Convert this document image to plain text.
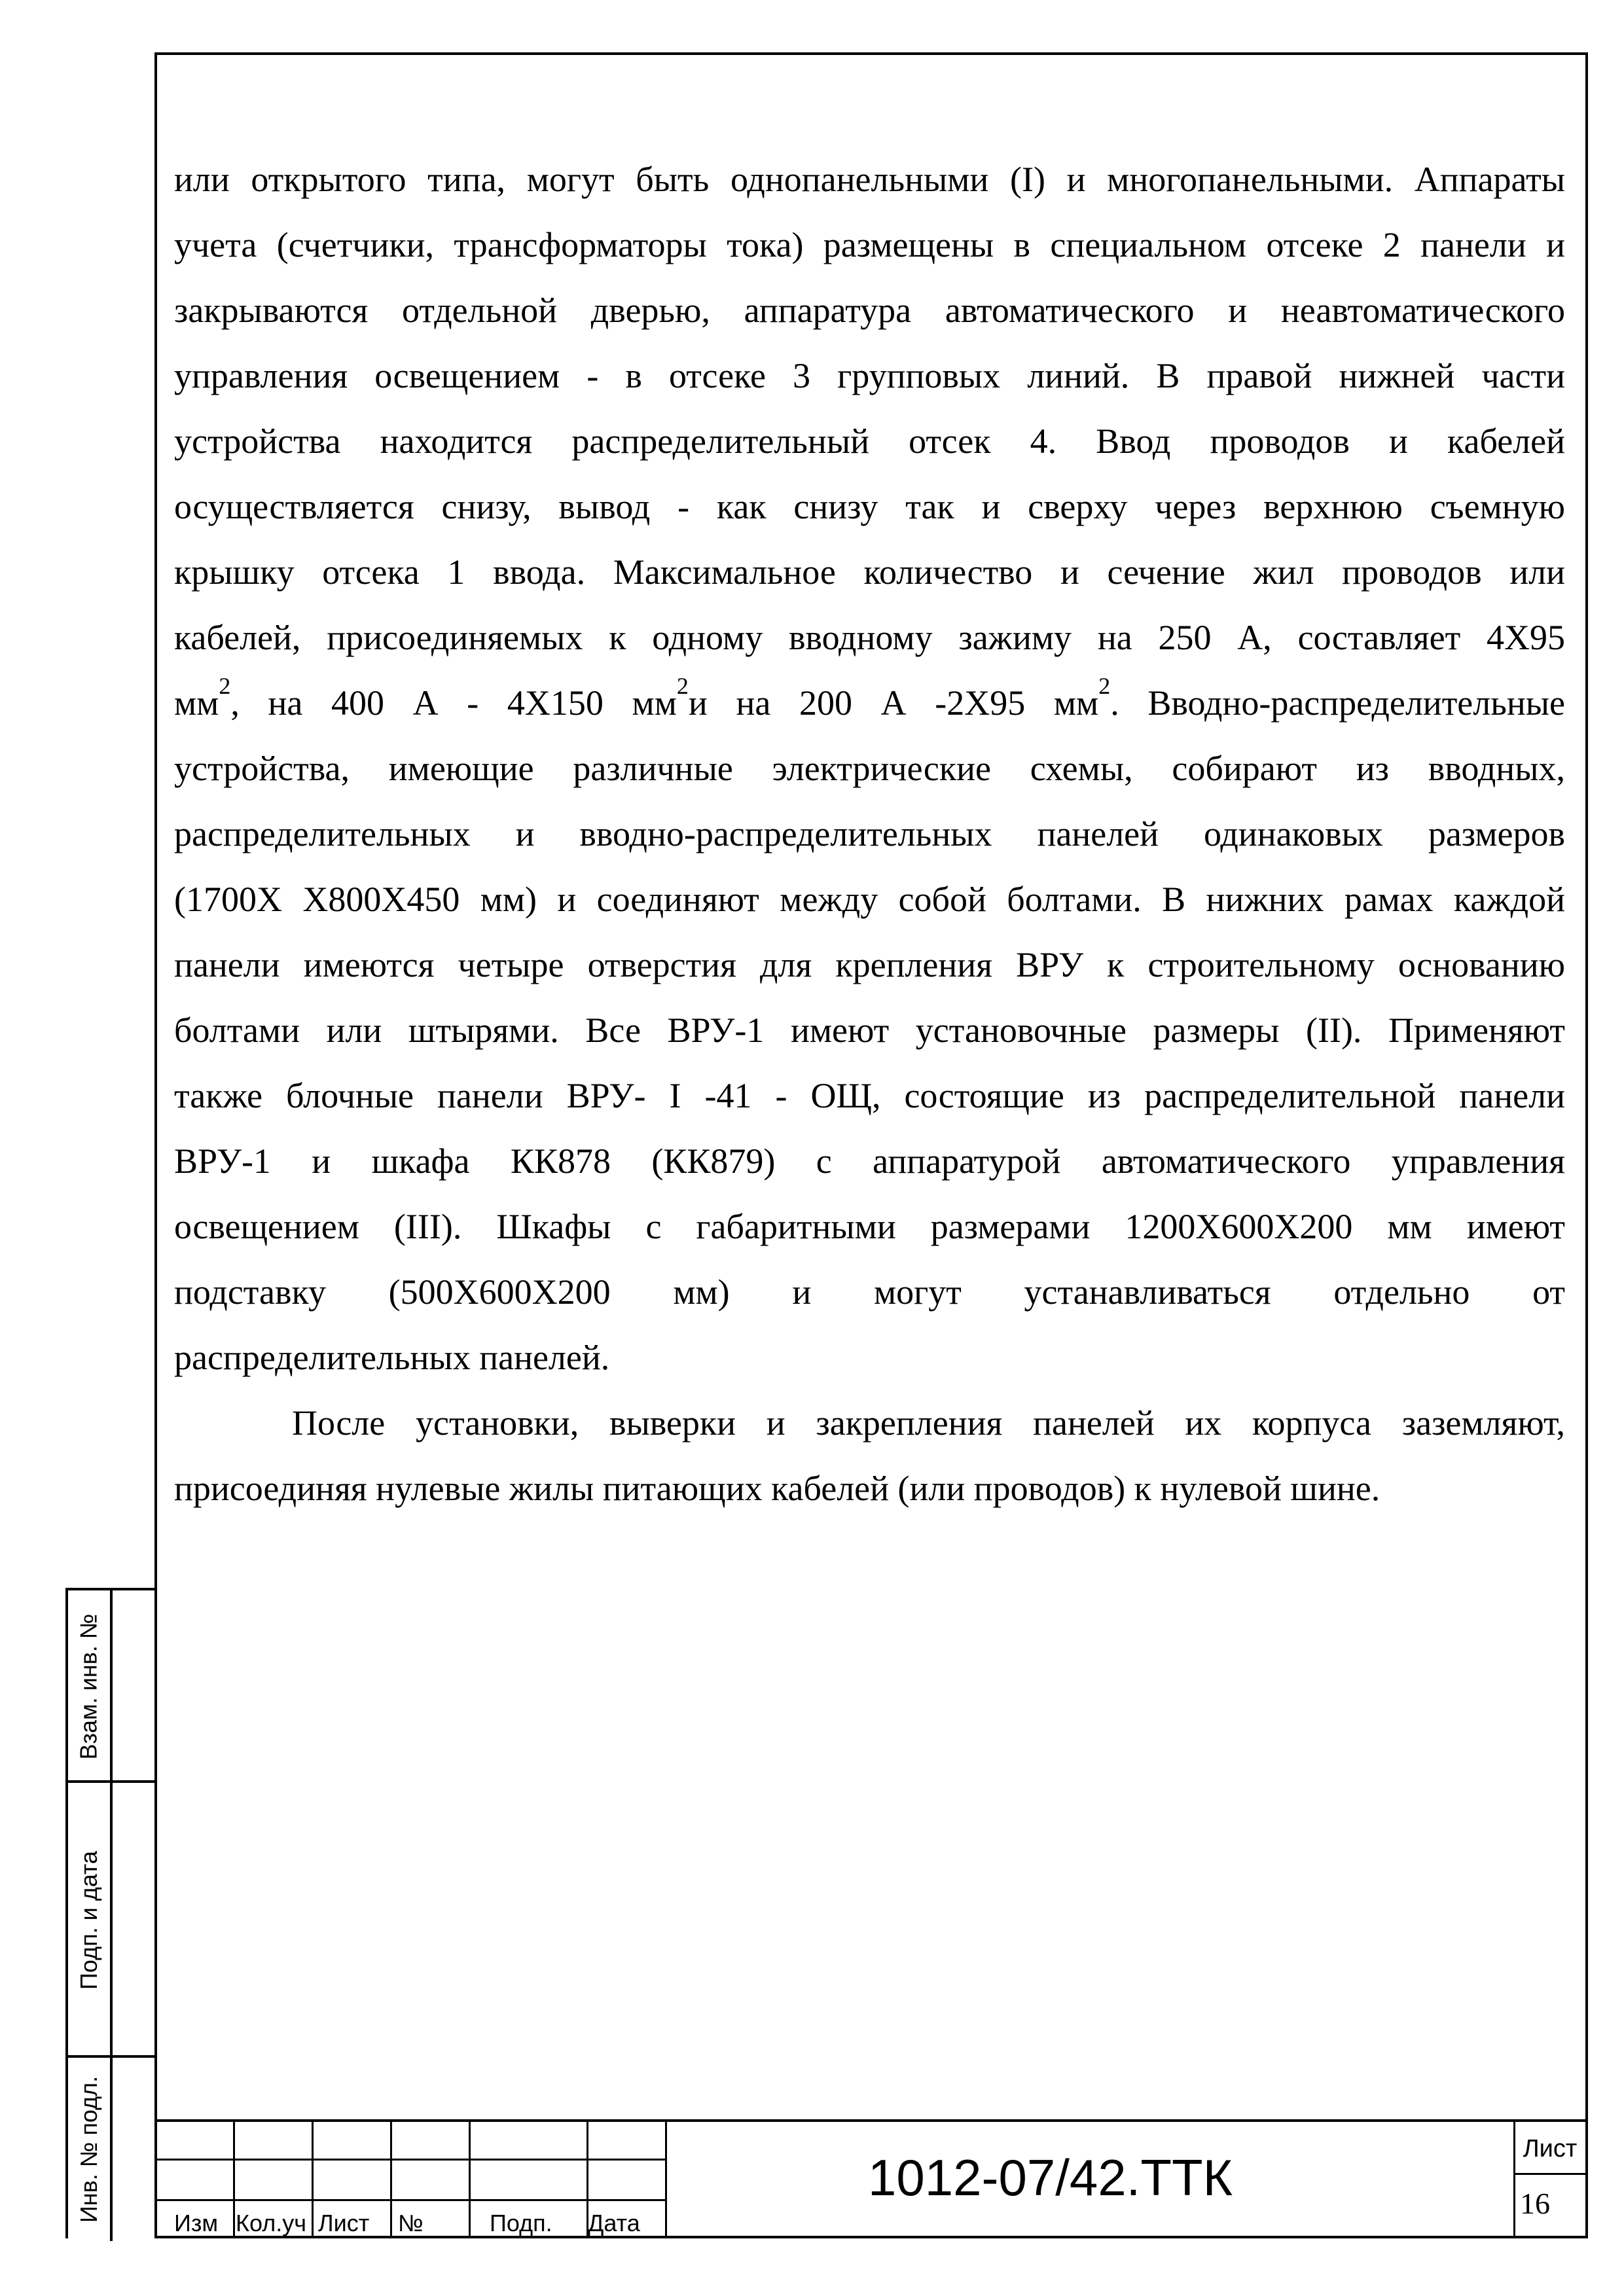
или открытого типа, могут быть однопанельными (I) и многопанельными. Аппараты
учета (счетчики, трансформаторы тока) размещены в специальном отсеке 2 панели и
закрываются отдельной дверью, аппаратура автоматического и неавтоматического
управления освещением - в отсеке 3 групповых линий. В правой нижней части
устройства находится распределительный отсек 4. Ввод проводов и кабелей
осуществляется снизу, вывод - как снизу так и сверху через верхнюю съемную
крышку отсека 1 ввода. Максимальное количество и сечение жил проводов или
кабелей, присоединяемых к одному вводному зажиму на 250 А, составляет 4Х95
$мм^2$, на 400 А - 4Х150 $мм^2и$ на 200 А -2Х95 $мм^2$. Вводно-распределительные
устройства, имеющие различные электрические схемы, собирают из вводных,
распределительных и вводно-распределительных панелей одинаковых размеров
(1700Х Х800Х450 мм) и соединяют между собой болтами. В нижних рамах каждой
панели имеются четыре отверстия для крепления ВРУ к строительному основанию
болтами или штырями. Все ВРУ-1 имеют установочные размеры (II). Применяют
также блочные панели ВРУ- I -41 - ОЩ, состоящие из распределительной панели
ВРУ-1 и шкафа КК878 (КК879) с аппаратурой автоматического управления
освещением (III). Шкафы с габаритными размерами 1200Х600Х200 мм имеют
подставку (500Х600Х200 мм) и могут устанавливаться отдельно от
распределительных панелей.
После установки, выверки и закрепления панелей их корпуса заземляют,
присоединяя нулевые жилы питающих кабелей (или проводов) к нулевой шине.
Взам. инв. №
Подп. и дата
Инв. № подл.
Изм Кол.уч Лист №	Подп. Дата
1012-07/42.ТТК	Лист
16
